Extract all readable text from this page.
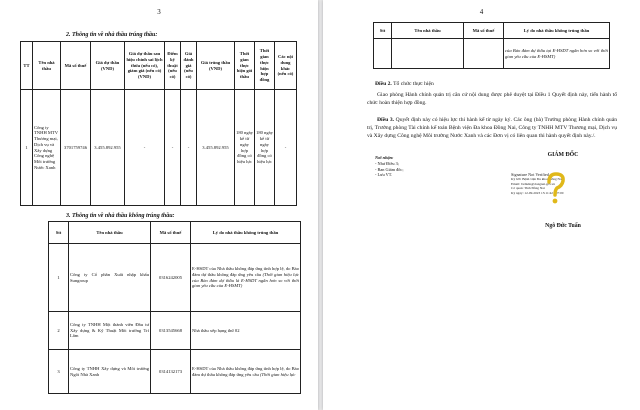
3
2. Thông tin về nhà thầu trúng thầu:
TT	Tên nhà thầu	Mã số thuế	Giá dự thầu (VND)	Giá dự thầu sau hiệu chỉnh sai lệch thừa (nếu có), giảm giá (nếu có) (VND)	Điểm kỹ thuật (nếu có)	Giá đánh giá (nếu có)	Giá trúng thầu (VND)	Thời gian thực hiện gói thầu	Thời gian thực hiện hợp đồng	Các nội dung khác (nếu có)
1	Công ty TNHH MTV Thương mại, Dịch vụ và Xây dựng Công nghệ Môi trường Nước Xanh	3701759746	3.455.892.955	-	-	-	3.455.892.955	180 ngày kể từ ngày hợp đồng có hiệu lực	180 ngày kể từ ngày hợp đồng có hiệu lực	-
3. Thông tin về nhà thầu không trúng thầu:
Stt	Tên nhà thầu	Mã số thuế	Lý do nhà thầu không trúng thầu
1	Công ty Cổ phần Xuất nhập khẩu Sungroup	0316242005	E-HSDT của Nhà thầu không đáp ứng tính hợp lệ, do Bảo đảm dự thầu không đáp ứng yêu cầu (Thời gian hiệu lực của Bảo đảm dự thầu là E-HSDT ngắn hơn so với thời gian yêu cầu của E-HSMT)
2	Công ty TNHH Một thành viên Đầu tư Xây dựng & Kỹ Thuật Môi trường Trí Lâm	0313545668	Nhà thầu xếp hạng thứ 02
3	Công ty TNHH Xây dựng và Môi trường Ngôi Nhà Xanh	0314132173	E-HSDT của Nhà thầu không đáp ứng tính hợp lệ, do Bảo đảm dự thầu không đáp ứng yêu cầu (Thời gian hiệu lực
4
Stt	Tên nhà thầu	Mã số thuế	Lý do nhà thầu không trúng thầu
			của Bảo đảm dự thầu tại E-HSDT ngắn hơn so với thời gian yêu cầu của E-HSMT)
Điều 2. Tổ chức thực hiện
Giao phòng Hành chính quản trị căn cứ nội dung được phê duyệt tại Điều 1 Quyết định này, tiến hành tổ chức hoàn thiện hợp đồng.
Điều 3. Quyết định này có hiệu lực thi hành kể từ ngày ký. Các ông (bà) Trưởng phòng Hành chính quản trị, Trưởng phòng Tài chính kế toán Bệnh viện Đa khoa Đồng Nai, Công ty TNHH MTV Thương mại, Dịch vụ và Xây dựng Công nghệ Môi trường Nước Xanh và các Đơn vị có liên quan thi hành quyết định này./.
Nơi nhận:
- Như Điều 3;
- Ban Giám đốc;
- Lưu VT.
GIÁM ĐỐC
Signature Not Verified
Ký bởi: Bệnh viện Đa khoa Đồng Nai
Email: bvdkdn@dongnai.gov.vn
Cơ quan: Tỉnh Đồng Nai
Ký ngày: 12-09-2023 15:11:42 +07:00
Ngô Đức Tuấn
